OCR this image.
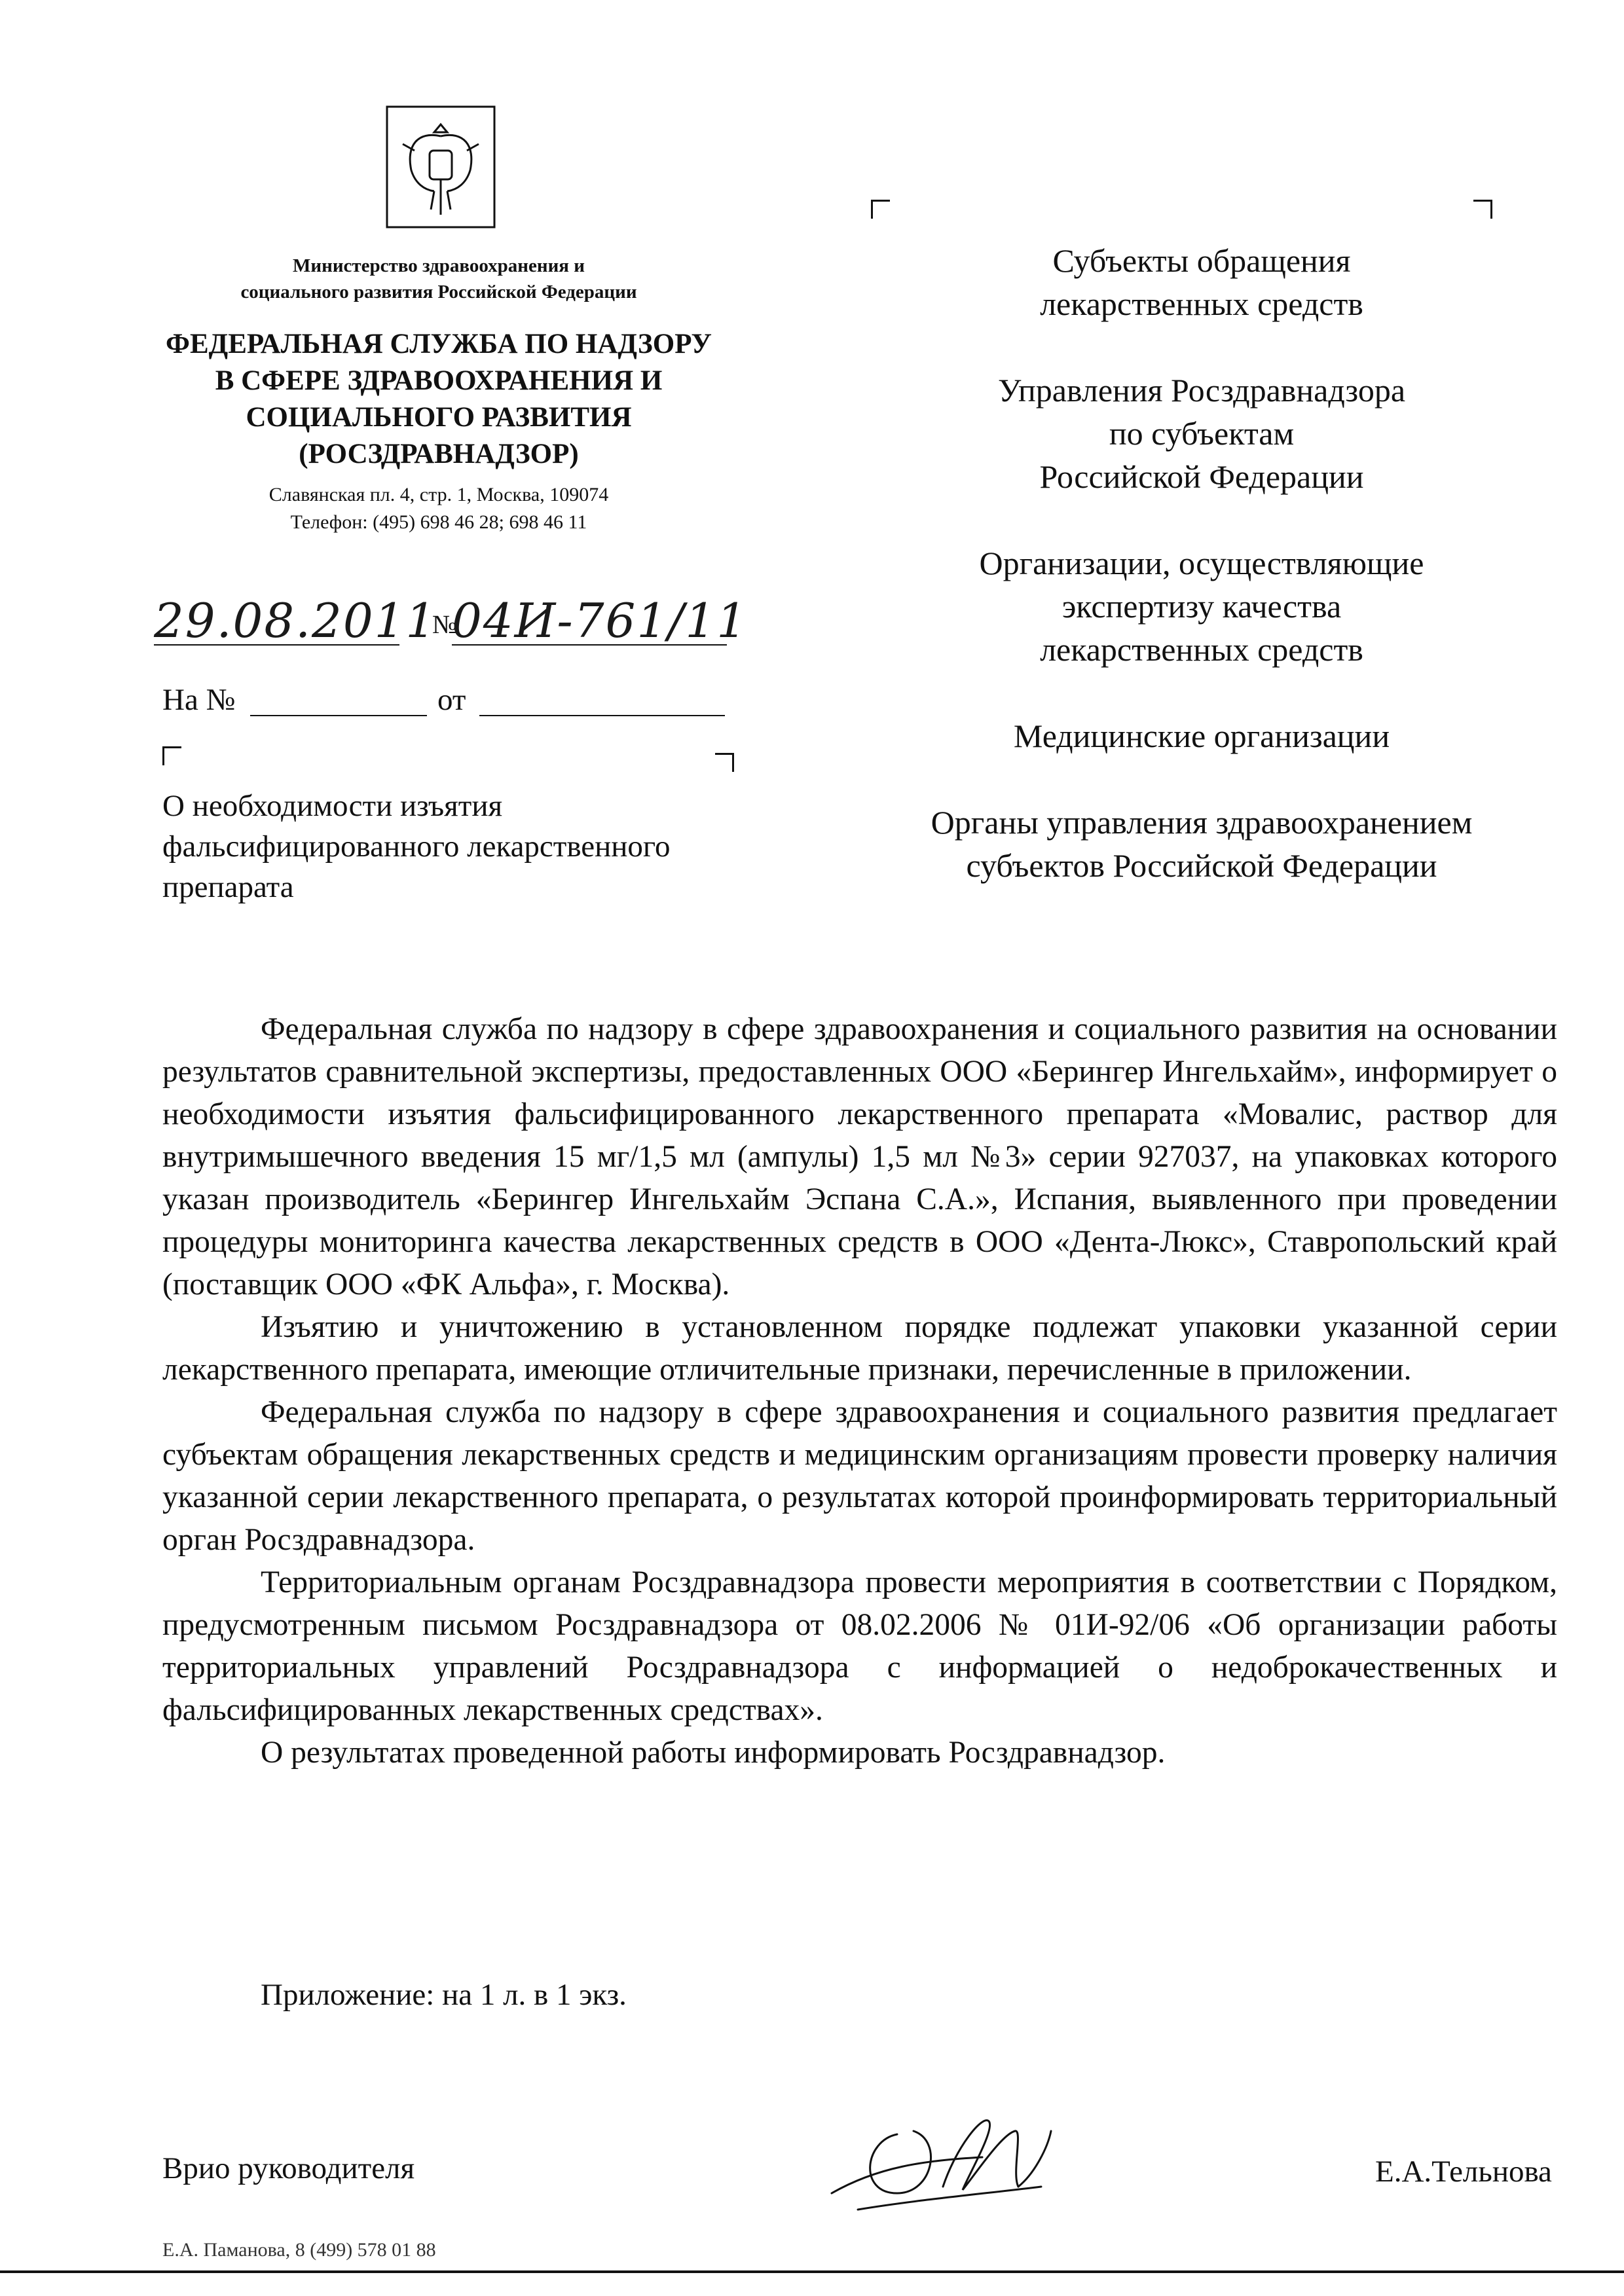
Министерство здравоохранения и
социального развития Российской Федерации
ФЕДЕРАЛЬНАЯ СЛУЖБА ПО НАДЗОРУ
В СФЕРЕ ЗДРАВООХРАНЕНИЯ И
СОЦИАЛЬНОГО РАЗВИТИЯ
(РОСЗДРАВНАДЗОР)
Славянская пл. 4, стр. 1, Москва, 109074
Телефон: (495) 698 46 28; 698 46 11
29.08.2011
№
04И-761/11
На №	от
О необходимости изъятия
фальсифицированного лекарственного
препарата
Субъекты обращения
лекарственных средств
Управления Росздравнадзора
по субъектам
Российской Федерации
Организации, осуществляющие
экспертизу качества
лекарственных средств
Медицинские организации
Органы управления здравоохранением
субъектов Российской Федерации

Федеральная служба по надзору в сфере здравоохранения и социального развития на основании результатов сравнительной экспертизы, предоставленных ООО «Берингер Ингельхайм», информирует о необходимости изъятия фальсифицированного лекарственного препарата «Мовалис, раствор для внутримышечного введения 15 мг/1,5 мл (ампулы) 1,5 мл №3» серии 927037, на упаковках которого указан производитель «Берингер Ингельхайм Эспана С.А.», Испания, выявленного при проведении процедуры мониторинга качества лекарственных средств в ООО «Дента-Люкс», Ставропольский край (поставщик ООО «ФК Альфа», г. Москва).

Изъятию и уничтожению в установленном порядке подлежат упаковки указанной серии лекарственного препарата, имеющие отличительные признаки, перечисленные в приложении.

Федеральная служба по надзору в сфере здравоохранения и социального развития предлагает субъектам обращения лекарственных средств и медицинским организациям провести проверку наличия указанной серии лекарственного препарата, о результатах которой проинформировать территориальный орган Росздравнадзора.

Территориальным органам Росздравнадзора провести мероприятия в соответствии с Порядком, предусмотренным письмом Росздравнадзора от 08.02.2006 № 01И-92/06 «Об организации работы территориальных управлений Росздравнадзора с информацией о недоброкачественных и фальсифицированных лекарственных средствах».

О результатах проведенной работы информировать Росздравнадзор.

Приложение: на 1 л. в 1 экз.
Врио руководителя	Е.А.Тельнова
Е.А. Паманова, 8 (499) 578 01 88
